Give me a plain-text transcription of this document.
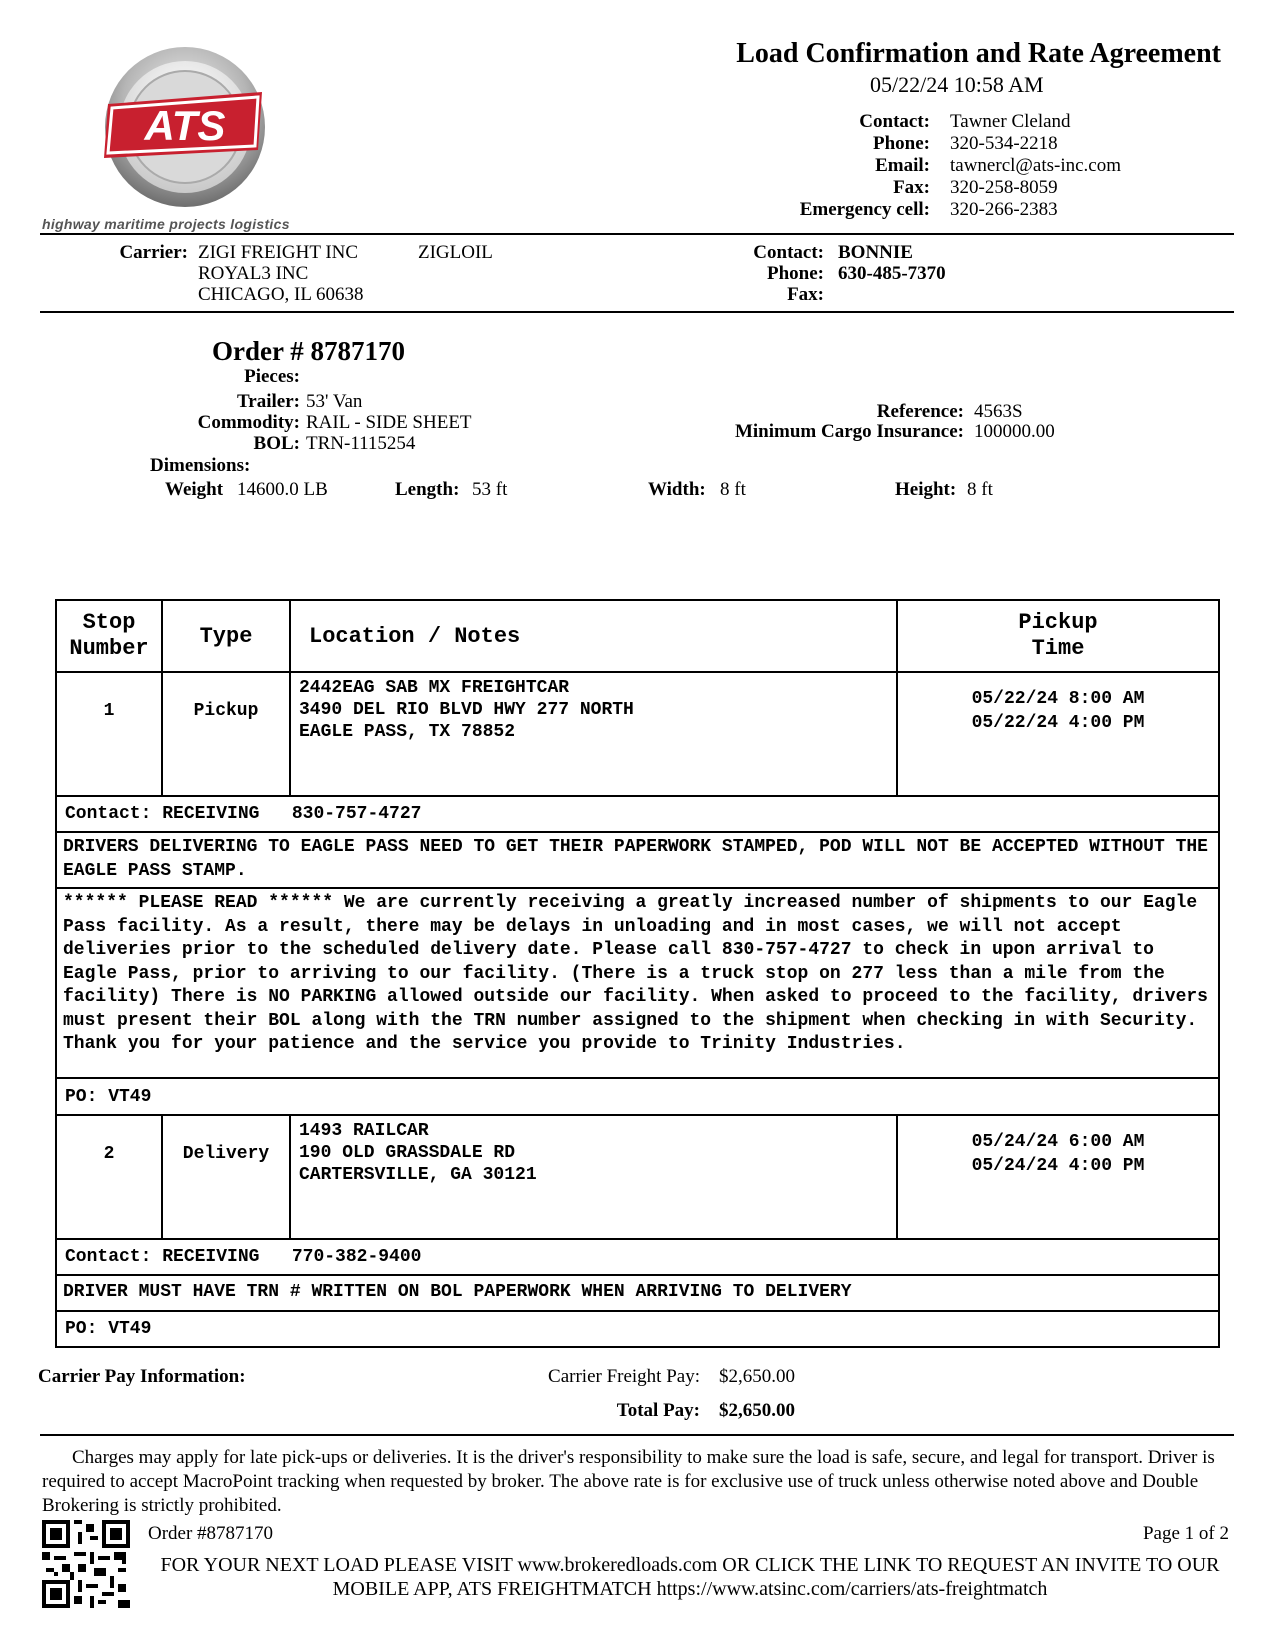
ATS
highway maritime projects logistics
Load Confirmation and Rate Agreement
05/22/24 10:58 AM
Contact: Tawner Cleland
Phone: 320-534-2218
Email: tawnercl@ats-inc.com
Fax: 320-258-8059
Emergency cell: 320-266-2383
Carrier: ZIGI FREIGHT INC	ZIGLOIL
ROYAL3 INC
CHICAGO, IL 60638
Contact: BONNIE
Phone: 630-485-7370
Fax:
Order # 8787170
Pieces:
Trailer: 53' Van
Commodity: RAIL - SIDE SHEET
BOL: TRN-1115254
Dimensions:
Weight 14600.0 LB	Length: 53 ft	Width: 8 ft	Height: 8 ft
Reference: 4563S
Minimum Cargo Insurance: 100000.00
Stop
Number	Type	Location / Notes	Pickup
Time
1	Pickup	2442EAG SAB MX FREIGHTCAR
3490 DEL RIO BLVD HWY 277 NORTH
EAGLE PASS, TX 78852	05/22/24 8:00 AM
05/22/24 4:00 PM
Contact: RECEIVING   830-757-4727			
DRIVERS DELIVERING TO EAGLE PASS NEED TO GET THEIR PAPERWORK STAMPED, POD WILL NOT BE ACCEPTED WITHOUT THE EAGLE PASS STAMP.			
****** PLEASE READ ****** We are currently receiving a greatly increased number of shipments to our Eagle Pass facility. As a result, there may be delays in unloading and in most cases, we will not accept deliveries prior to the scheduled delivery date. Please call 830-757-4727 to check in upon arrival to Eagle Pass, prior to arriving to our facility. (There is a truck stop on 277 less than a mile from the facility) There is NO PARKING allowed outside our facility. When asked to proceed to the facility, drivers must present their BOL along with the TRN number assigned to the shipment when checking in with Security. Thank you for your patience and the service you provide to Trinity Industries.			
PO: VT49			
2	Delivery	1493 RAILCAR
190 OLD GRASSDALE RD
CARTERSVILLE, GA 30121	05/24/24 6:00 AM
05/24/24 4:00 PM
Contact: RECEIVING   770-382-9400			
DRIVER MUST HAVE TRN # WRITTEN ON BOL PAPERWORK WHEN ARRIVING TO DELIVERY			
PO: VT49			
Carrier Pay Information:	Carrier Freight Pay: $2,650.00
Total Pay: $2,650.00
Charges may apply for late pick-ups or deliveries. It is the driver's responsibility to make sure the load is safe, secure, and legal for transport. Driver is required to accept MacroPoint tracking when requested by broker. The above rate is for exclusive use of truck unless otherwise noted above and Double Brokering is strictly prohibited.
Order #8787170	Page 1 of 2
FOR YOUR NEXT LOAD PLEASE VISIT www.brokeredloads.com OR CLICK THE LINK TO REQUEST AN INVITE TO OUR MOBILE APP, ATS FREIGHTMATCH https://www.atsinc.com/carriers/ats-freightmatch
